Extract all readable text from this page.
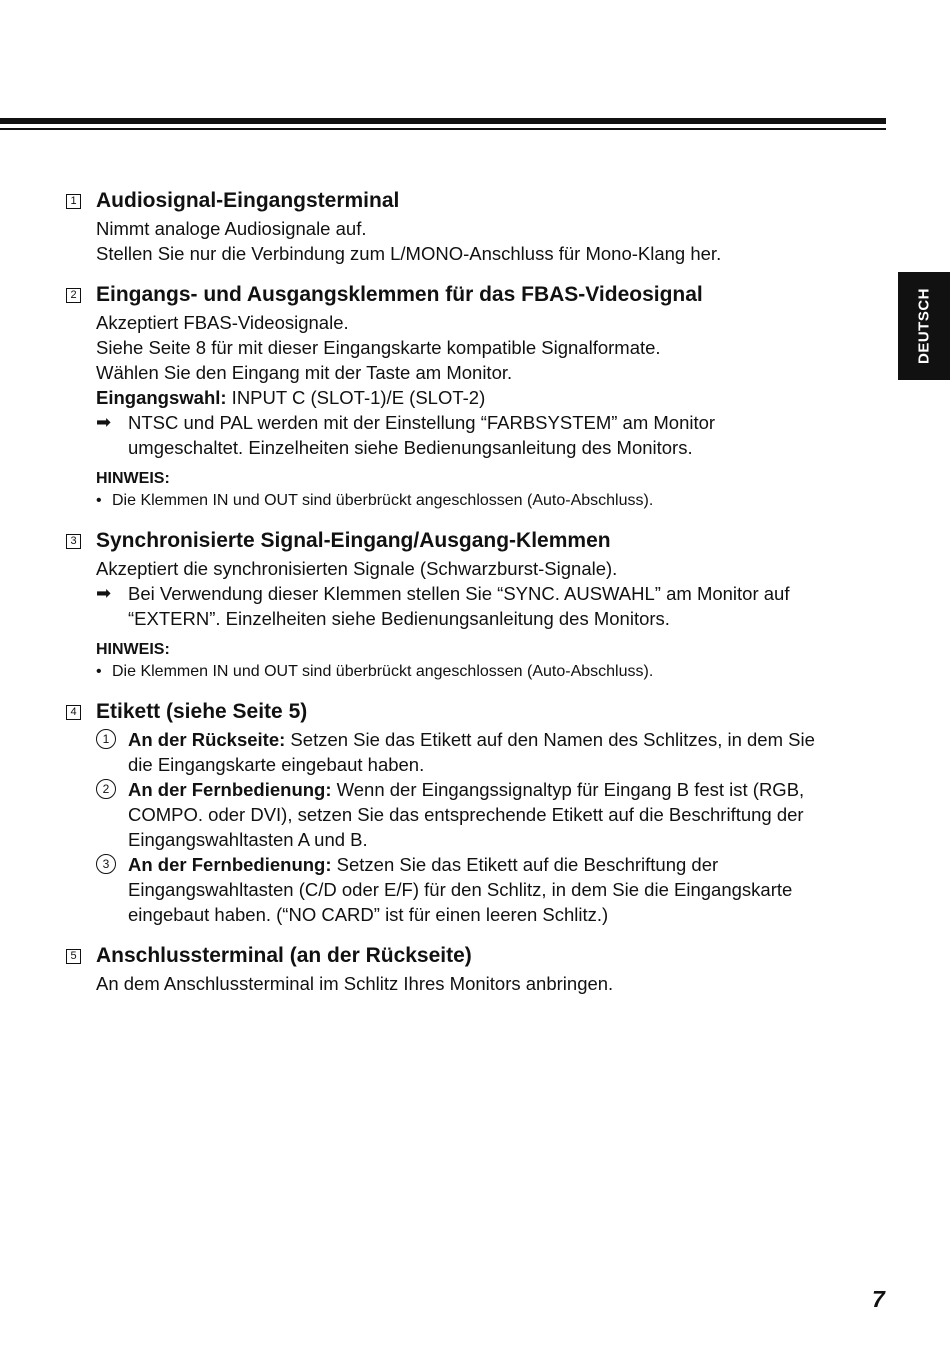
DEUTSCH
1 Audiosignal-Eingangsterminal
Nimmt analoge Audiosignale auf.
Stellen Sie nur die Verbindung zum L/MONO-Anschluss für Mono-Klang her.
2 Eingangs- und Ausgangsklemmen für das FBAS-Videosignal
Akzeptiert FBAS-Videosignale.
Siehe Seite 8 für mit dieser Eingangskarte kompatible Signalformate.
Wählen Sie den Eingang mit der Taste am Monitor.
Eingangswahl: INPUT C (SLOT-1)/E (SLOT-2)
➡ NTSC und PAL werden mit der Einstellung “FARBSYSTEM” am Monitor
umgeschaltet. Einzelheiten siehe Bedienungsanleitung des Monitors.
HINWEIS:
• Die Klemmen IN und OUT sind überbrückt angeschlossen (Auto-Abschluss).
3 Synchronisierte Signal-Eingang/Ausgang-Klemmen
Akzeptiert die synchronisierten Signale (Schwarzburst-Signale).
➡ Bei Verwendung dieser Klemmen stellen Sie “SYNC. AUSWAHL” am Monitor auf
“EXTERN”. Einzelheiten siehe Bedienungsanleitung des Monitors.
HINWEIS:
• Die Klemmen IN und OUT sind überbrückt angeschlossen (Auto-Abschluss).
4 Etikett (siehe Seite 5)
1	An der Rückseite: Setzen Sie das Etikett auf den Namen des Schlitzes, in dem Sie
die Eingangskarte eingebaut haben.
2	An der Fernbedienung: Wenn der Eingangssignaltyp für Eingang B fest ist (RGB,
COMPO. oder DVI), setzen Sie das entsprechende Etikett auf die Beschriftung der
Eingangswahltasten A und B.
3	An der Fernbedienung: Setzen Sie das Etikett auf die Beschriftung der
Eingangswahltasten (C/D oder E/F) für den Schlitz, in dem Sie die Eingangskarte
eingebaut haben. (“NO CARD” ist für einen leeren Schlitz.)
5 Anschlussterminal (an der Rückseite)
An dem Anschlussterminal im Schlitz Ihres Monitors anbringen.
7
